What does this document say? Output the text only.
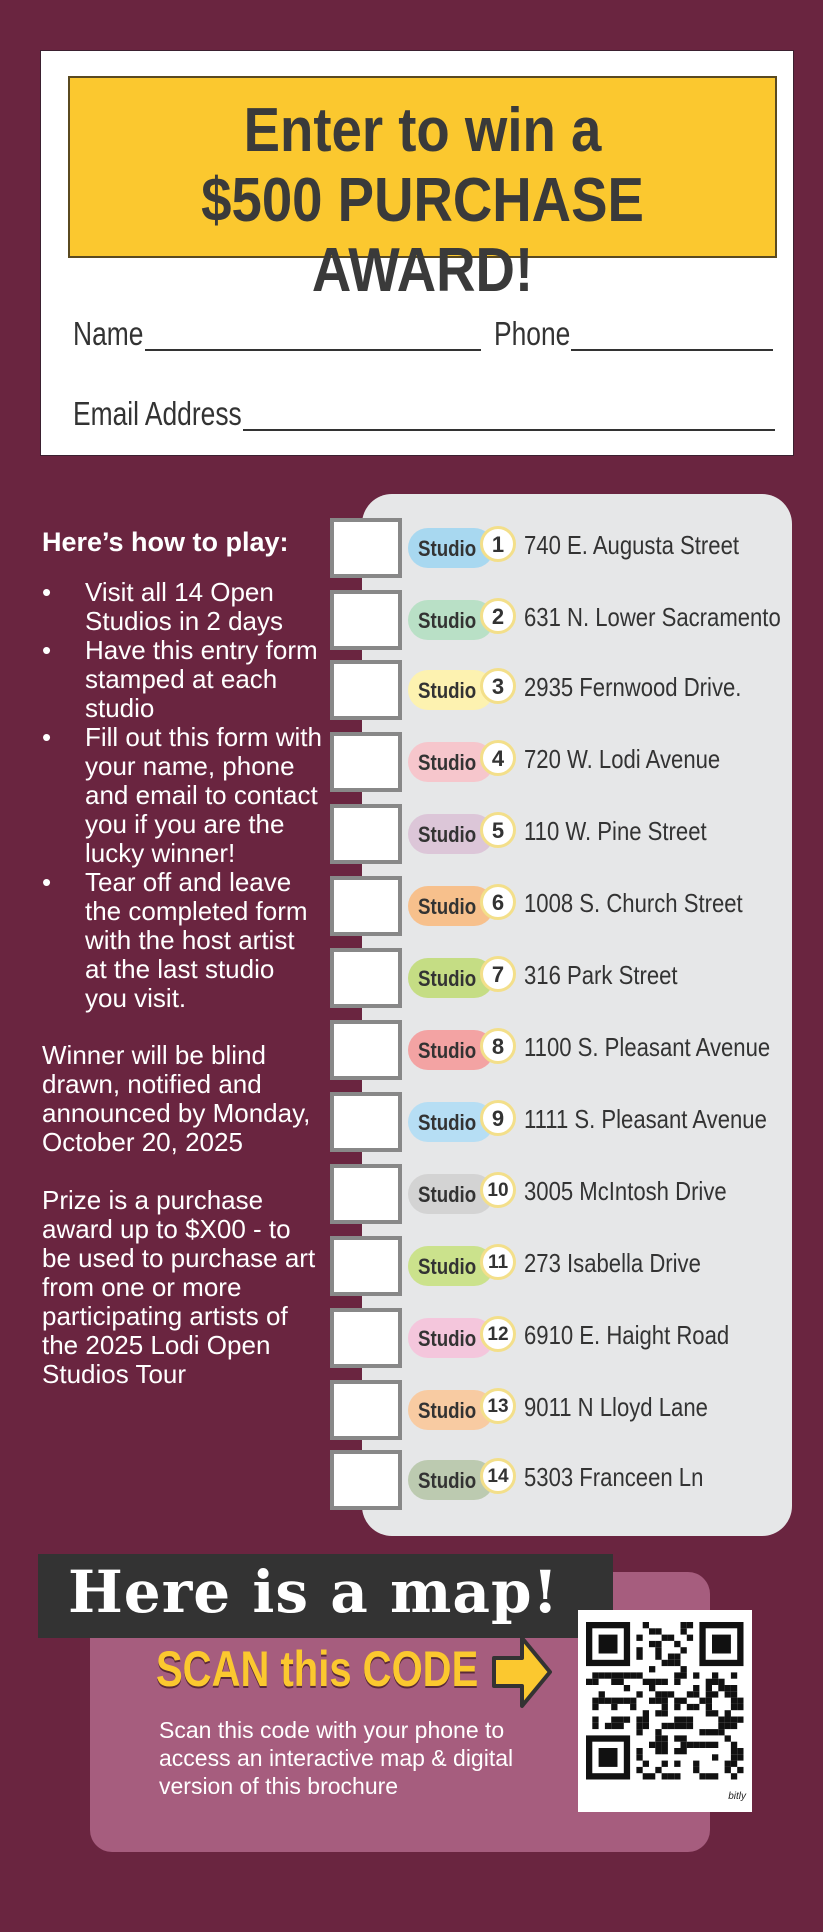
Enter to win a
$500 PURCHASE AWARD!
Name	Phone
Email Address
Here’s how to play:
• Visit all 14 Open Studios in 2 days
• Have this entry form stamped at each studio
• Fill out this form with your name, phone and email to contact you if you are the lucky winner!
• Tear off and leave the completed form with the host artist at the last studio you visit.

Winner will be blind drawn, notified and announced by Monday, October 20, 2025

Prize is a purchase award up to $X00 - to be used to purchase art from one or more participating artists of the 2025 Lodi Open Studios Tour

Studio 1 740 E. Augusta Street
Studio 2 631 N. Lower Sacramento
Studio 3 2935 Fernwood Drive.
Studio 4 720 W. Lodi Avenue
Studio 5 110 W. Pine Street
Studio 6 1008 S. Church Street
Studio 7 316 Park Street
Studio 8 1100 S. Pleasant Avenue
Studio 9 1111 S. Pleasant Avenue
Studio 10 3005 McIntosh Drive
Studio 11 273 Isabella Drive
Studio 12 6910 E. Haight Road
Studio 13 9011 N Lloyd Lane
Studio 14 5303 Franceen Ln
Here is a map!
SCAN this CODE
Scan this code with your phone to access an interactive map & digital version of this brochure	bitly
